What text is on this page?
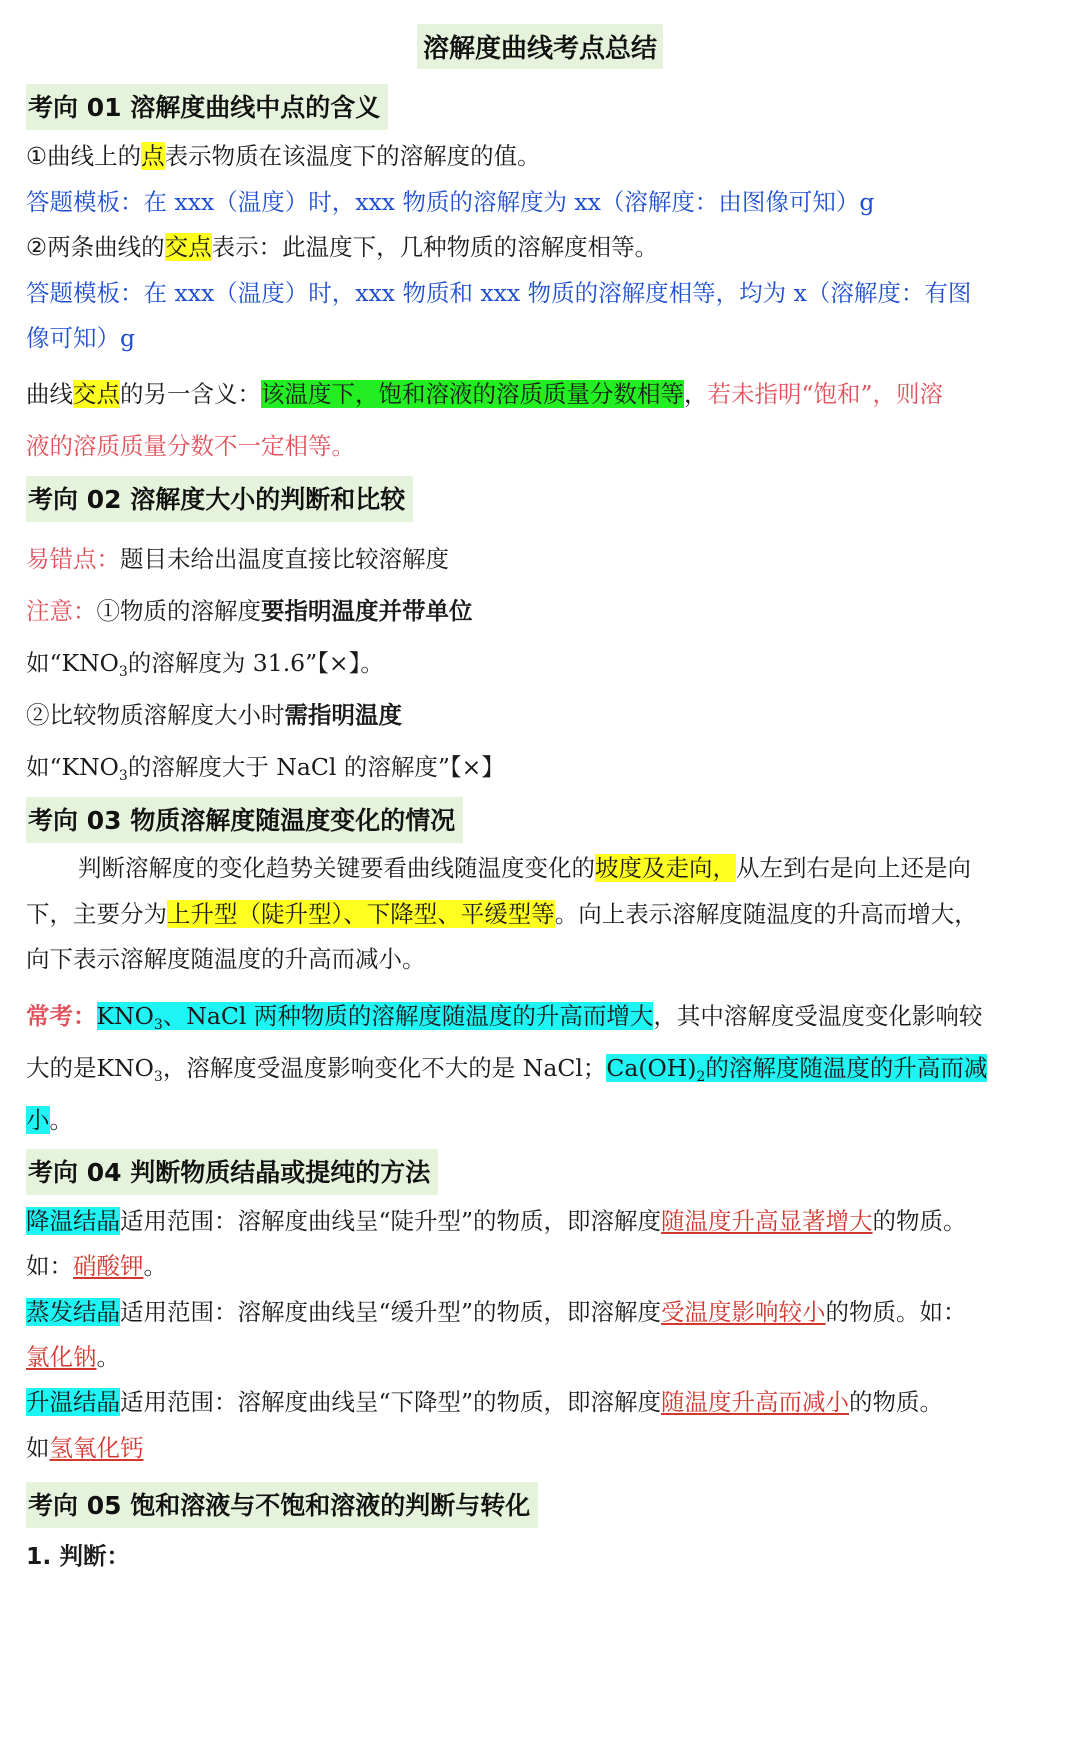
溶解度曲线考点总结
考向 01 溶解度曲线中点的含义
①曲线上的点表示物质在该温度下的溶解度的值。
答题模板：在 xxx（温度）时，xxx 物质的溶解度为 xx（溶解度：由图像可知）g
②两条曲线的交点表示：此温度下，几种物质的溶解度相等。
答题模板：在 xxx（温度）时，xxx 物质和 xxx 物质的溶解度相等，均为 x（溶解度：有图
像可知）g
曲线交点的另一含义：该温度下，饱和溶液的溶质质量分数相等，若未指明“饱和”，则溶
液的溶质质量分数不一定相等。
考向 02 溶解度大小的判断和比较
易错点：题目未给出温度直接比较溶解度
注意：①物质的溶解度要指明温度并带单位
如“$KNO_3$的溶解度为 31.6”【×】。
②比较物质溶解度大小时需指明温度
如“$KNO_3$的溶解度大于 NaCl 的溶解度”【×】
考向 03 物质溶解度随温度变化的情况
判断溶解度的变化趋势关键要看曲线随温度变化的坡度及走向，从左到右是向上还是向
下，主要分为上升型（陡升型）、下降型、平缓型等。向上表示溶解度随温度的升高而增大，
向下表示溶解度随温度的升高而减小。
常考：$KNO_3$、NaCl 两种物质的溶解度随温度的升高而增大，其中溶解度受温度变化影响较
大的是$KNO_3$，溶解度受温度影响变化不大的是 NaCl；$Ca(OH)_2$的溶解度随温度的升高而减
小。
考向 04 判断物质结晶或提纯的方法
降温结晶适用范围：溶解度曲线呈“陡升型”的物质，即溶解度随温度升高显著增大的物质。
如：硝酸钾。
蒸发结晶适用范围：溶解度曲线呈“缓升型”的物质，即溶解度受温度影响较小的物质。如：
氯化钠。
升温结晶适用范围：溶解度曲线呈“下降型”的物质，即溶解度随温度升高而减小的物质。
如氢氧化钙
考向 05 饱和溶液与不饱和溶液的判断与转化
1. 判断：
